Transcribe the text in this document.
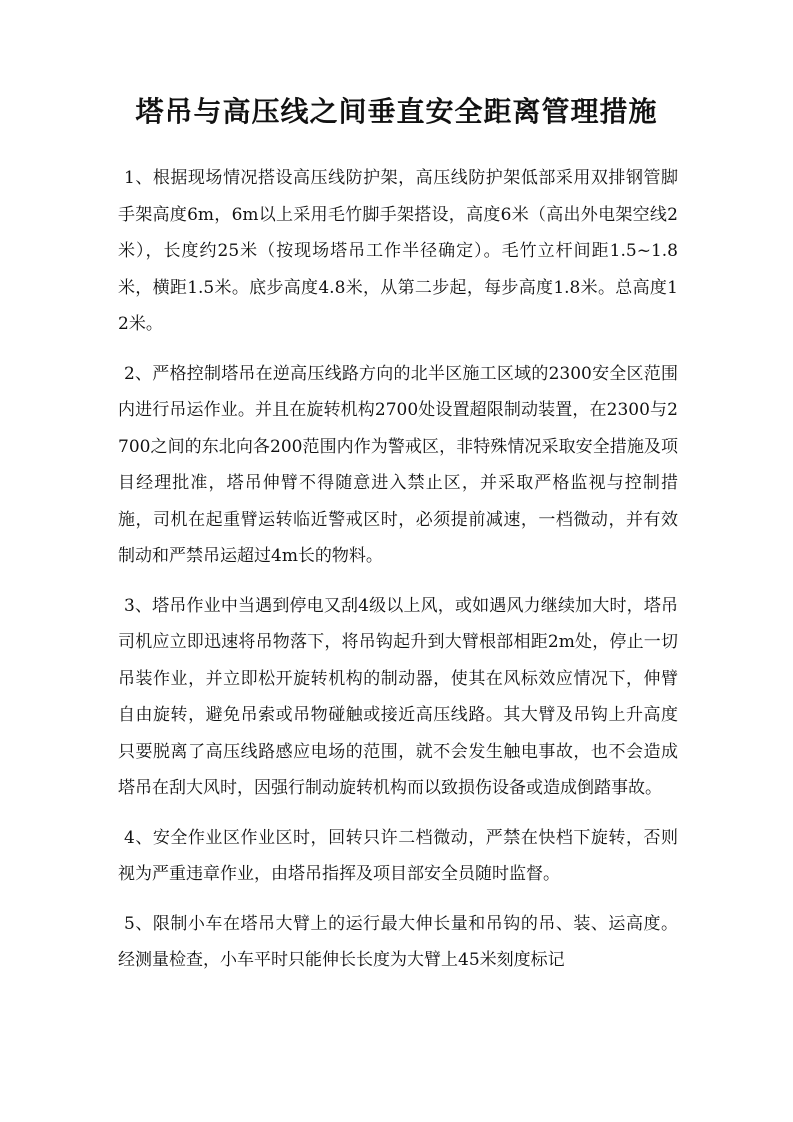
塔吊与高压线之间垂直安全距离管理措施

1、根据现场情况搭设高压线防护架，高压线防护架低部采用双排钢管脚手架高度6m，6m以上采用毛竹脚手架搭设，高度6米（高出外电架空线2米），长度约25米（按现场塔吊工作半径确定）。毛竹立杆间距1.5~1.8米，横距1.5米。底步高度4.8米，从第二步起，每步高度1.8米。总高度12米。

2、严格控制塔吊在逆高压线路方向的北半区施工区域的2300安全区范围内进行吊运作业。并且在旋转机构2700处设置超限制动装置，在2300与2700之间的东北向各200范围内作为警戒区，非特殊情况采取安全措施及项目经理批准，塔吊伸臂不得随意进入禁止区，并采取严格监视与控制措施，司机在起重臂运转临近警戒区时，必须提前减速，一档微动，并有效制动和严禁吊运超过4m长的物料。

3、塔吊作业中当遇到停电又刮4级以上风，或如遇风力继续加大时，塔吊司机应立即迅速将吊物落下，将吊钩起升到大臂根部相距2m处，停止一切吊装作业，并立即松开旋转机构的制动器，使其在风标效应情况下，伸臂自由旋转，避免吊索或吊物碰触或接近高压线路。其大臂及吊钩上升高度只要脱离了高压线路感应电场的范围，就不会发生触电事故，也不会造成塔吊在刮大风时，因强行制动旋转机构而以致损伤设备或造成倒踏事故。

4、安全作业区作业区时，回转只许二档微动，严禁在快档下旋转，否则视为严重违章作业，由塔吊指挥及项目部安全员随时监督。

5、限制小车在塔吊大臂上的运行最大伸长量和吊钩的吊、装、运高度。经测量检查，小车平时只能伸长长度为大臂上45米刻度标记
